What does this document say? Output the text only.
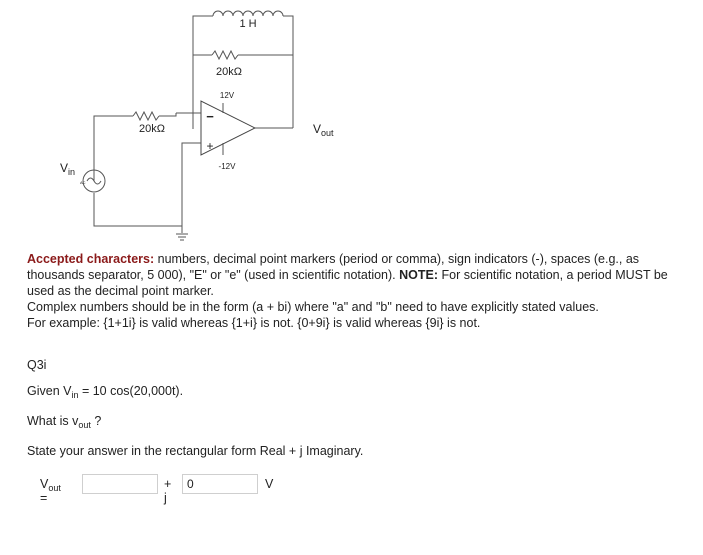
1 H
20kΩ
20kΩ
12V
-12V
−
+
$V_{in}$
AC
$V_{out}$

Accepted characters: numbers, decimal point markers (period or comma), sign indicators (-), spaces (e.g., as thousands separator, 5 000), "E" or "e" (used in scientific notation). NOTE: For scientific notation, a period MUST be used as the decimal point marker.

Complex numbers should be in the form (a + bi) where "a" and "b" need to have explicitly stated values.

For example: {1+1i} is valid whereas {1+i} is not. {0+9i} is valid whereas {9i} is not.

Q3i
Given $V_{in} = 10$ cos(20,000t).
What is $v_{out}$ ?
State your answer in the rectangular form Real + j Imaginary.
$V_{out}$ =
+ j
0
V
